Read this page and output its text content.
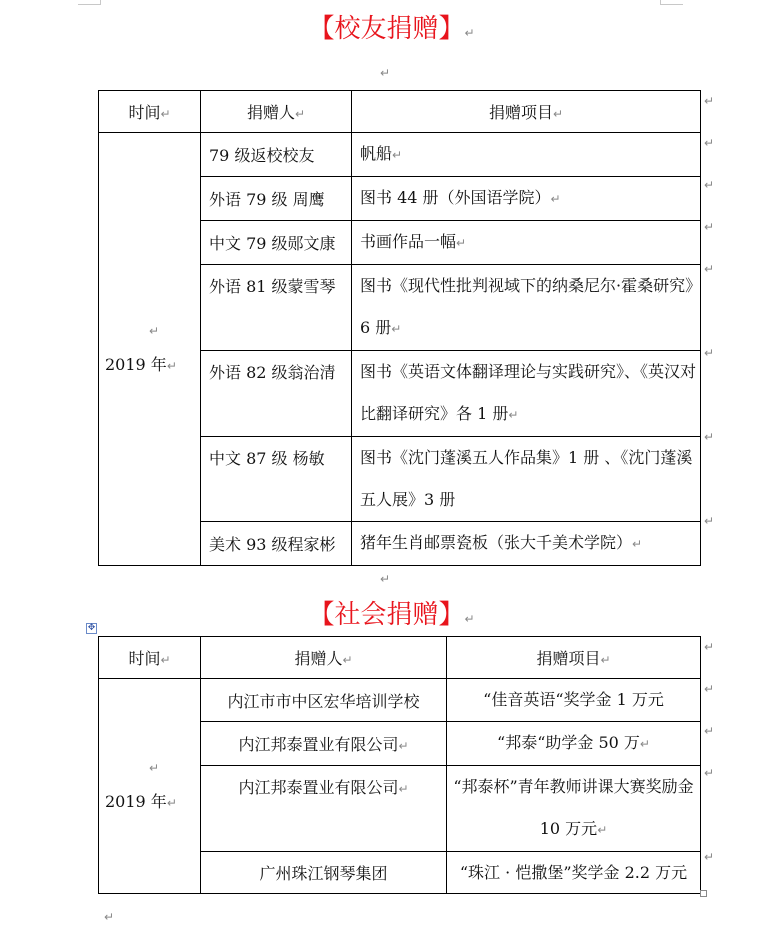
【校友捐赠】↵
↵
时间↵	捐赠人↵	捐赠项目↵

↵
2019 年↵	79 级返校校友	帆船↵
	外语 79 级 周鹰	图书 44 册（外国语学院）↵
	中文 79 级郧文康	书画作品一幅↵
	外语 81 级蒙雪琴	图书《现代性批判视域下的纳桑尼尔·霍桑研究》6 册↵
	外语 82 级翁治清	图书《英语文体翻译理论与实践研究》、《英汉对比翻译研究》各 1 册↵
	中文 87 级 杨敏	图书《沈门蓬溪五人作品集》1 册 、《沈门蓬溪五人展》3 册
	美术 93 级程家彬	猪年生肖邮票瓷板（张大千美术学院）↵
↵
↵
↵
↵
↵
↵
↵
↵
↵
【社会捐赠】↵
✥
时间↵	捐赠人↵	捐赠项目↵

↵
2019 年↵	内江市市中区宏华培训学校	“佳音英语“奖学金 1 万元
	内江邦泰置业有限公司↵	“邦泰“助学金 50 万↵
	内江邦泰置业有限公司↵	“邦泰杯”青年教师讲课大赛奖励金 10 万元↵
	广州珠江钢琴集团	“珠江 · 恺撒堡”奖学金 2.2 万元
↵
↵
↵
↵
↵
↵
